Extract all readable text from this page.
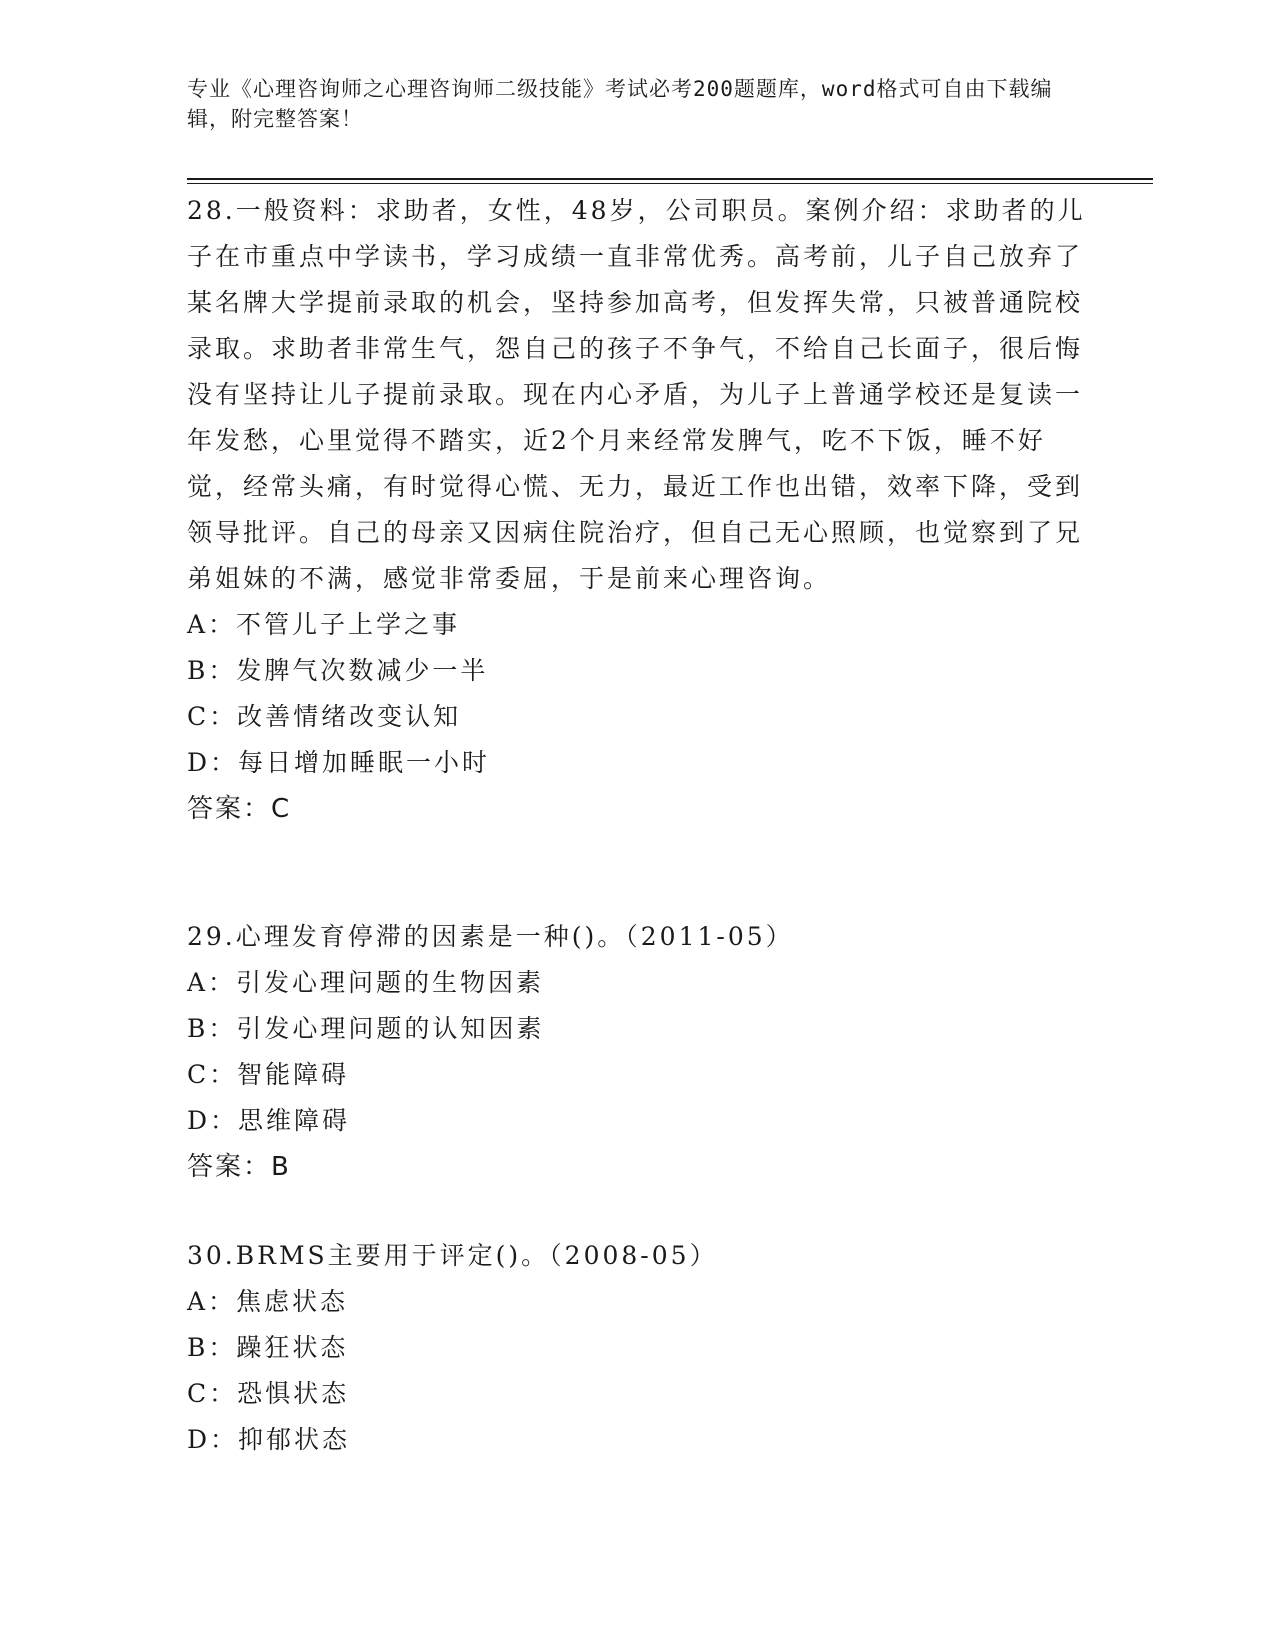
专业《心理咨询师之心理咨询师二级技能》考试必考200题题库，word格式可自由下载编辑，附完整答案！

28.一般资料：求助者，女性，48岁，公司职员。案例介绍：求助者的儿子在市重点中学读书，学习成绩一直非常优秀。高考前，儿子自己放弃了某名牌大学提前录取的机会，坚持参加高考，但发挥失常，只被普通院校录取。求助者非常生气，怨自己的孩子不争气，不给自己长面子，很后悔没有坚持让儿子提前录取。现在内心矛盾，为儿子上普通学校还是复读一年发愁，心里觉得不踏实，近2个月来经常发脾气，吃不下饭，睡不好觉，经常头痛，有时觉得心慌、无力，最近工作也出错，效率下降，受到领导批评。自己的母亲又因病住院治疗，但自己无心照顾，也觉察到了兄弟姐妹的不满，感觉非常委屈，于是前来心理咨询。

A：不管儿子上学之事

B：发脾气次数减少一半

C：改善情绪改变认知

D：每日增加睡眠一小时

答案：C

29.心理发育停滞的因素是一种()。（2011-05）

A：引发心理问题的生物因素

B：引发心理问题的认知因素

C：智能障碍

D：思维障碍

答案：B

30.BRMS主要用于评定()。（2008-05）

A：焦虑状态

B：躁狂状态

C：恐惧状态

D：抑郁状态
